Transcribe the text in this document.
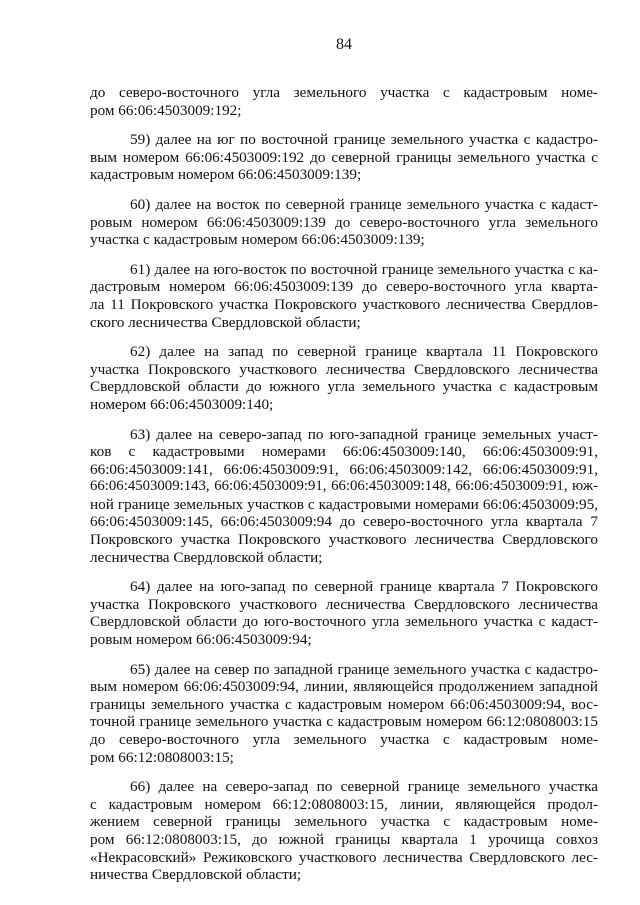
84
до северо-восточного угла земельного участка с кадастровым номе-
ром 66:06:4503009:192;
59) далее на юг по восточной границе земельного участка с кадастро-
вым номером 66:06:4503009:192 до северной границы земельного участка с
кадастровым номером 66:06:4503009:139;
60) далее на восток по северной границе земельного участка с кадаст-
ровым номером 66:06:4503009:139 до северо-восточного угла земельного
участка с кадастровым номером 66:06:4503009:139;
61) далее на юго-восток по восточной границе земельного участка с ка-
дастровым номером 66:06:4503009:139 до северо-восточного угла кварта-
ла 11 Покровского участка Покровского участкового лесничества Свердлов-
ского лесничества Свердловской области;
62) далее на запад по северной границе квартала 11 Покровского
участка Покровского участкового лесничества Свердловского лесничества
Свердловской области до южного угла земельного участка с кадастровым
номером 66:06:4503009:140;
63) далее на северо-запад по юго-западной границе земельных участ-
ков с кадастровыми номерами 66:06:4503009:140, 66:06:4503009:91,
66:06:4503009:141, 66:06:4503009:91, 66:06:4503009:142, 66:06:4503009:91,
66:06:4503009:143, 66:06:4503009:91, 66:06:4503009:148, 66:06:4503009:91, юж-
ной границе земельных участков с кадастровыми номерами 66:06:4503009:95,
66:06:4503009:145, 66:06:4503009:94 до северо-восточного угла квартала 7
Покровского участка Покровского участкового лесничества Свердловского
лесничества Свердловской области;
64) далее на юго-запад по северной границе квартала 7 Покровского
участка Покровского участкового лесничества Свердловского лесничества
Свердловской области до юго-восточного угла земельного участка с кадаст-
ровым номером 66:06:4503009:94;
65) далее на север по западной границе земельного участка с кадастро-
вым номером 66:06:4503009:94, линии, являющейся продолжением западной
границы земельного участка с кадастровым номером 66:06:4503009:94, вос-
точной границе земельного участка с кадастровым номером 66:12:0808003:15
до северо-восточного угла земельного участка с кадастровым номе-
ром 66:12:0808003:15;
66) далее на северо-запад по северной границе земельного участка
с кадастровым номером 66:12:0808003:15, линии, являющейся продол-
жением северной границы земельного участка с кадастровым номе-
ром 66:12:0808003:15, до южной границы квартала 1 урочища совхоз
«Некрасовский» Режиковского участкового лесничества Свердловского лес-
ничества Свердловской области;
